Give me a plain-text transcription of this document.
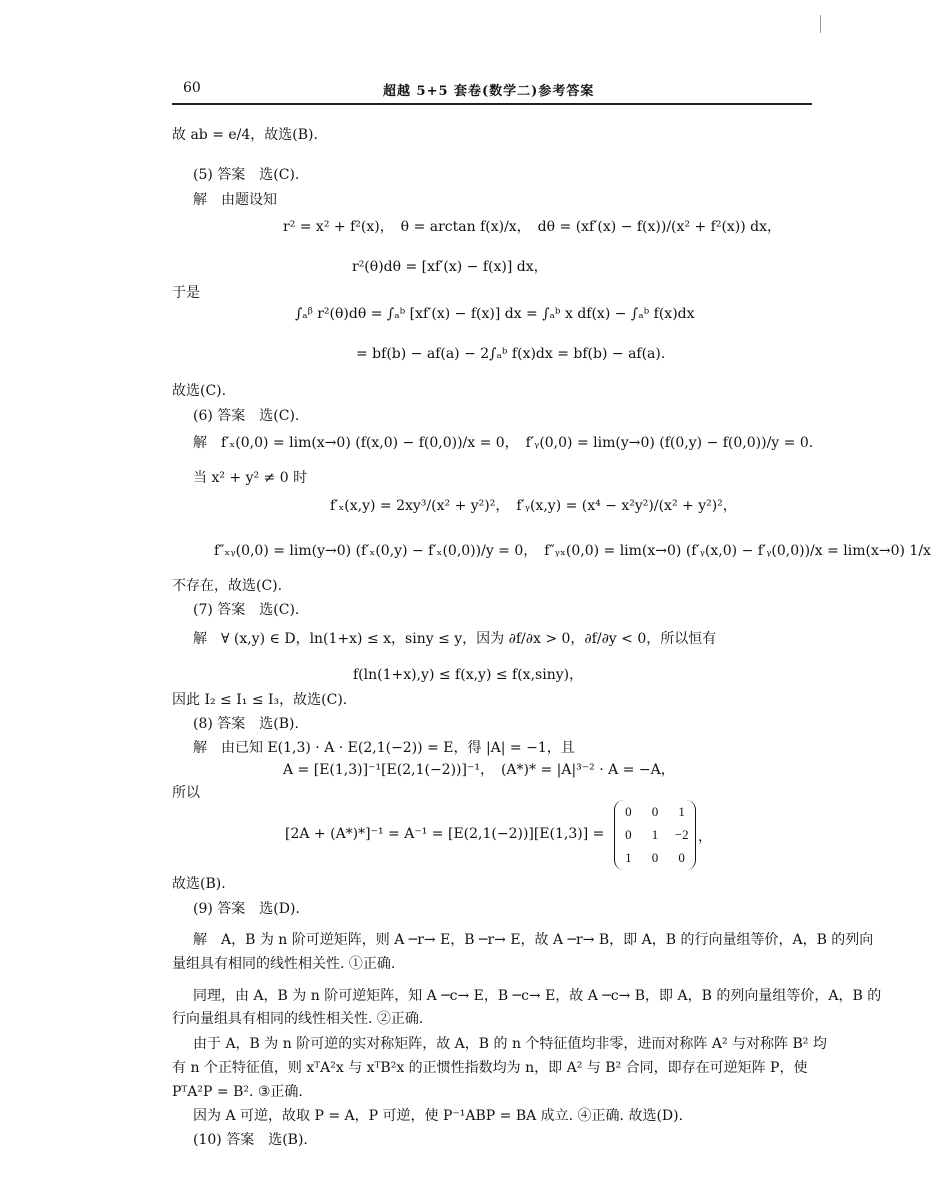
60	超越 5+5 套卷(数学二)参考答案
故 ab = e/4，故选(B).
(5) 答案　选(C).
解　由题设知
r² = x² + f²(x)，　θ = arctan f(x)/x，　dθ = (xf′(x) − f(x))/(x² + f²(x)) dx，
r²(θ)dθ = [xf′(x) − f(x)] dx，
于是
∫ₐᵝ r²(θ)dθ = ∫ₐᵇ [xf′(x) − f(x)] dx = ∫ₐᵇ x df(x) − ∫ₐᵇ f(x)dx
= bf(b) − af(a) − 2∫ₐᵇ f(x)dx = bf(b) − af(a).
故选(C).
(6) 答案　选(C).
解　f′ₓ(0,0) = lim(x→0) (f(x,0) − f(0,0))/x = 0，　f′ᵧ(0,0) = lim(y→0) (f(0,y) − f(0,0))/y = 0.
当 x² + y² ≠ 0 时
f′ₓ(x,y) = 2xy³/(x² + y²)²，　f′ᵧ(x,y) = (x⁴ − x²y²)/(x² + y²)²，
f″ₓᵧ(0,0) = lim(y→0) (f′ₓ(0,y) − f′ₓ(0,0))/y = 0，　f″ᵧₓ(0,0) = lim(x→0) (f′ᵧ(x,0) − f′ᵧ(0,0))/x = lim(x→0) 1/x
不存在，故选(C).
(7) 答案　选(C).
解　∀ (x,y) ∈ D，ln(1+x) ≤ x，siny ≤ y，因为 ∂f/∂x > 0，∂f/∂y < 0，所以恒有
f(ln(1+x),y) ≤ f(x,y) ≤ f(x,siny)，
因此 I₂ ≤ I₁ ≤ I₃，故选(C).
(8) 答案　选(B).
解　由已知 E(1,3) · A · E(2,1(−2)) = E，得 |A| = −1，且
A = [E(1,3)]⁻¹[E(2,1(−2))]⁻¹，　(A*)* = |A|³⁻² · A = −A，
所以
[2A + (A*)*]⁻¹ = A⁻¹ = [E(2,1(−2))][E(1,3)] =
故选(B).
(9) 答案　选(D).
解　A，B 为 n 阶可逆矩阵，则 A ─r→ E，B ─r→ E，故 A ─r→ B，即 A，B 的行向量组等价，A，B 的列向
量组具有相同的线性相关性. ①正确.
同理，由 A，B 为 n 阶可逆矩阵，知 A ─c→ E，B ─c→ E，故 A ─c→ B，即 A，B 的列向量组等价，A，B 的
行向量组具有相同的线性相关性. ②正确.
由于 A，B 为 n 阶可逆的实对称矩阵，故 A，B 的 n 个特征值均非零，进而对称阵 A² 与对称阵 B² 均
有 n 个正特征值，则 xᵀA²x 与 xᵀB²x 的正惯性指数均为 n，即 A² 与 B² 合同，即存在可逆矩阵 P，使
PᵀA²P = B². ③正确.
因为 A 可逆，故取 P = A，P 可逆，使 P⁻¹ABP = BA 成立. ④正确. 故选(D).
(10) 答案　选(B).
0	0	1
0	1	−2
1	0	0
，
